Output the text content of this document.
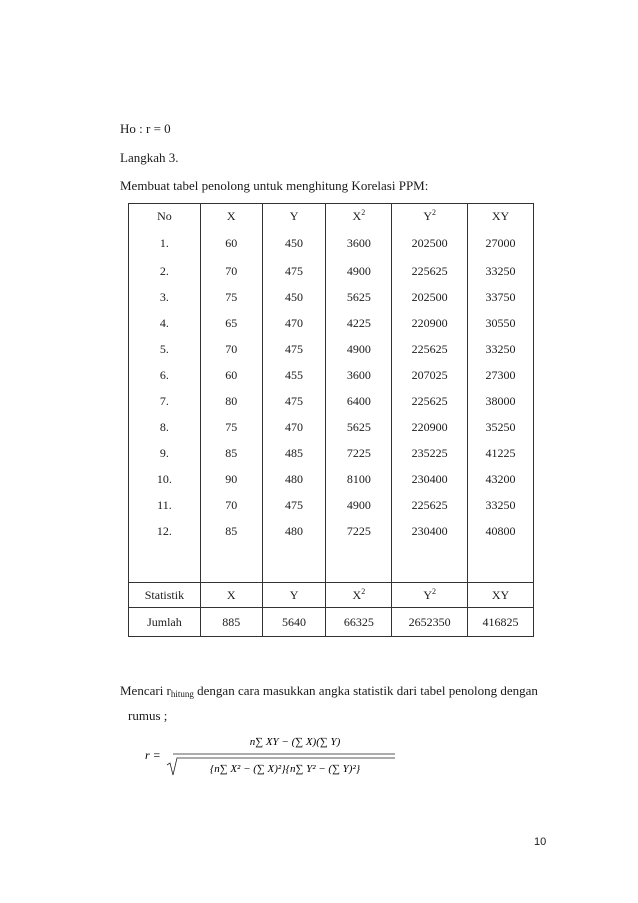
Ho : r = 0
Langkah 3.
Membuat tabel penolong untuk menghitung Korelasi PPM:
No	X	Y	$X^2$	$Y^2$	XY
1.	60	450	3600	202500	27000
2.	70	475	4900	225625	33250
3.	75	450	5625	202500	33750
4.	65	470	4225	220900	30550
5.	70	475	4900	225625	33250
6.	60	455	3600	207025	27300
7.	80	475	6400	225625	38000
8.	75	470	5625	220900	35250
9.	85	485	7225	235225	41225
10.	90	480	8100	230400	43200
11.	70	475	4900	225625	33250
12.	85	480	7225	230400	40800

Statistik	X	Y	$X^2$	$Y^2$	XY
Jumlah	885	5640	66325	2652350	416825
Mencari $r_{hitung}$ dengan cara masukkan angka statistik dari tabel penolong dengan
rumus ;
r =
n∑ XY − (∑ X)(∑ Y)
{n∑ X² − (∑ X)²}{n∑ Y² − (∑ Y)²}
10
